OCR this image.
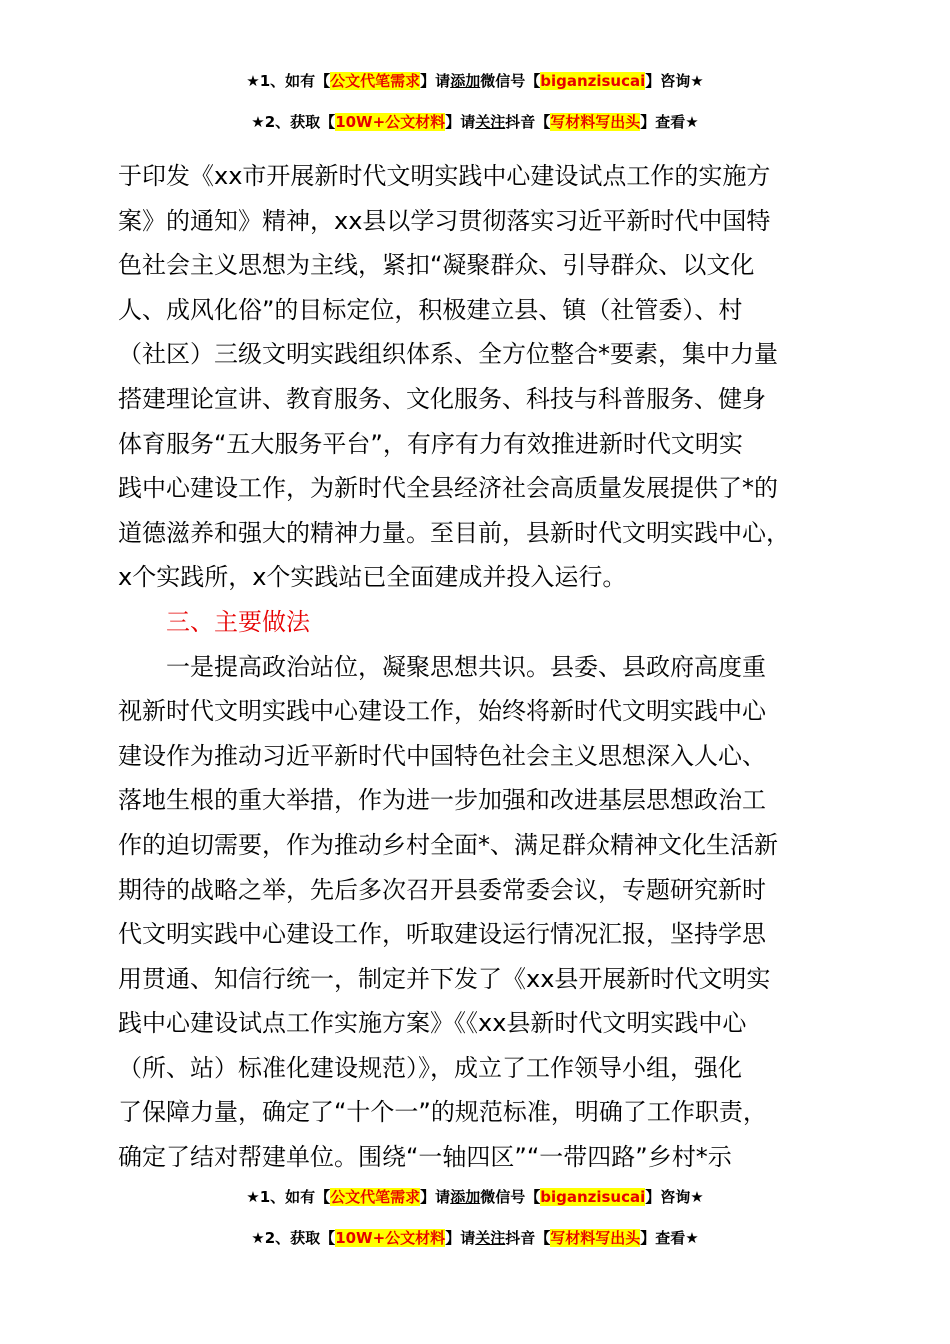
★1、如有【公文代笔需求】请添加微信号【biganzisucai】咨询★
★2、获取【10W+公文材料】请关注抖音【写材料写出头】查看★
于印发《xx市开展新时代文明实践中心建设试点工作的实施方
案》的通知》精神，xx县以学习贯彻落实习近平新时代中国特
色社会主义思想为主线，紧扣“凝聚群众、引导群众、以文化
人、成风化俗”的目标定位，积极建立县、镇（社管委）、村
（社区）三级文明实践组织体系、全方位整合*要素，集中力量
搭建理论宣讲、教育服务、文化服务、科技与科普服务、健身
体育服务“五大服务平台”，有序有力有效推进新时代文明实
践中心建设工作，为新时代全县经济社会高质量发展提供了*的
道德滋养和强大的精神力量。至目前，县新时代文明实践中心，
x个实践所，x个实践站已全面建成并投入运行。
三、主要做法
一是提高政治站位，凝聚思想共识。县委、县政府高度重
视新时代文明实践中心建设工作，始终将新时代文明实践中心
建设作为推动习近平新时代中国特色社会主义思想深入人心、
落地生根的重大举措，作为进一步加强和改进基层思想政治工
作的迫切需要，作为推动乡村全面*、满足群众精神文化生活新
期待的战略之举，先后多次召开县委常委会议，专题研究新时
代文明实践中心建设工作，听取建设运行情况汇报，坚持学思
用贯通、知信行统一，制定并下发了《xx县开展新时代文明实
践中心建设试点工作实施方案》《《xx县新时代文明实践中心
（所、站）标准化建设规范）》，成立了工作领导小组，强化
了保障力量，确定了“十个一”的规范标准，明确了工作职责，
确定了结对帮建单位。围绕“一轴四区”“一带四路”乡村*示
★1、如有【公文代笔需求】请添加微信号【biganzisucai】咨询★
★2、获取【10W+公文材料】请关注抖音【写材料写出头】查看★
